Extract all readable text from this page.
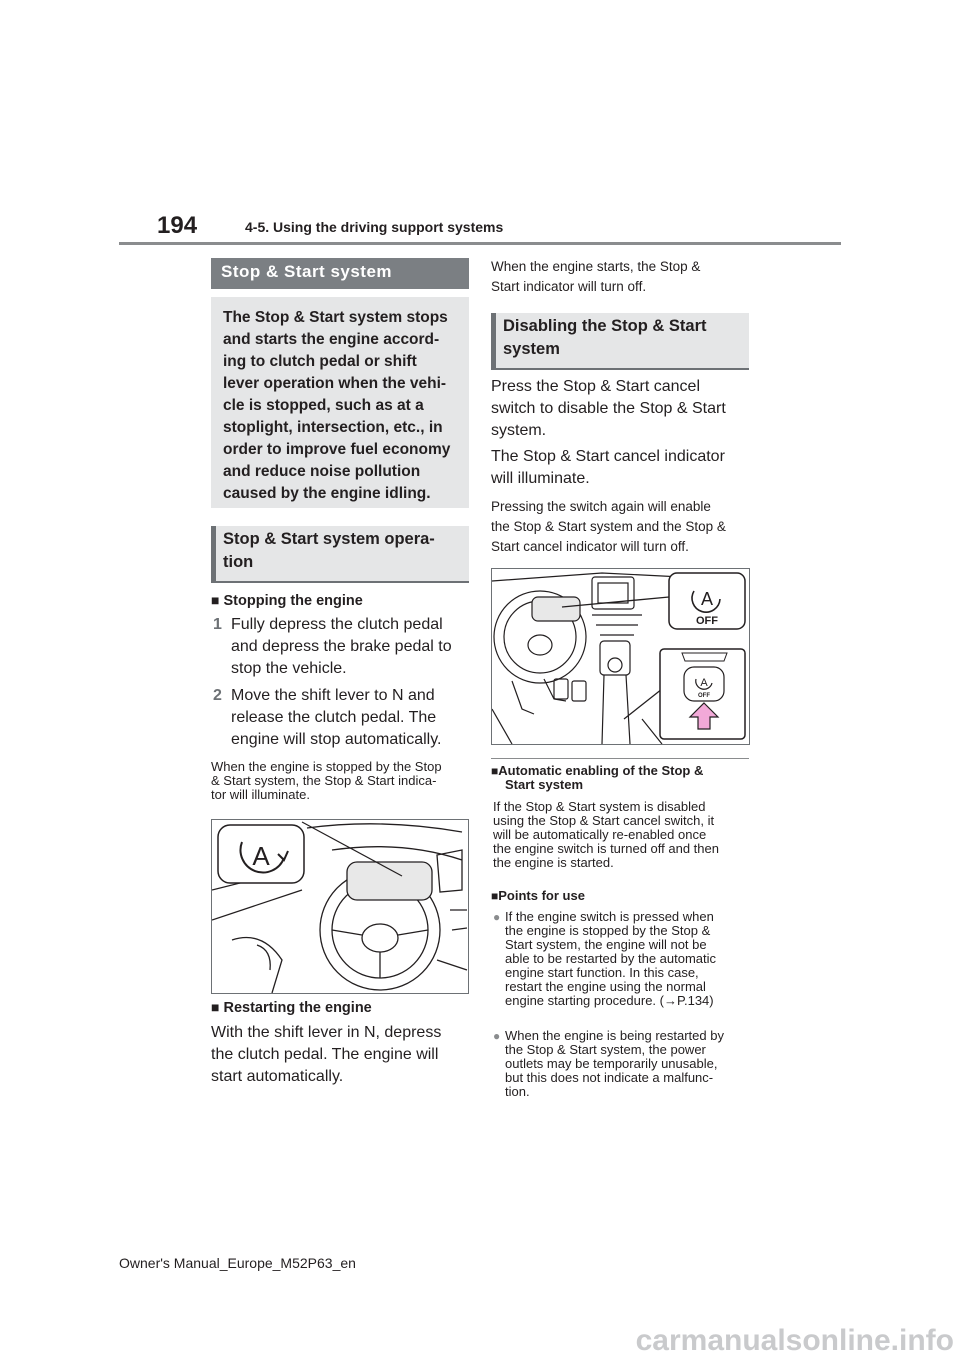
194	4-5. Using the driving support systems
Stop & Start system
The Stop & Start system stops
and starts the engine accord-
ing to clutch pedal or shift
lever operation when the vehi-
cle is stopped, such as at a
stoplight, intersection, etc., in
order to improve fuel economy
and reduce noise pollution
caused by the engine idling.
Stop & Start system opera-
tion
■ Stopping the engine
1 Fully depress the clutch pedal
and depress the brake pedal to
stop the vehicle.
2 Move the shift lever to N and
release the clutch pedal. The
engine will stop automatically.
When the engine is stopped by the Stop
& Start system, the Stop & Start indica-
tor will illuminate.
A
■ Restarting the engine
With the shift lever in N, depress
the clutch pedal. The engine will
start automatically.
When the engine starts, the Stop &
Start indicator will turn off.
Disabling the Stop & Start
system
Press the Stop & Start cancel
switch to disable the Stop & Start
system.
The Stop & Start cancel indicator
will illuminate.
Pressing the switch again will enable
the Stop & Start system and the Stop &
Start cancel indicator will turn off.
A
OFF
A
OFF
■Automatic enabling of the Stop &
Start system
If the Stop & Start system is disabled
using the Stop & Start cancel switch, it
will be automatically re-enabled once
the engine switch is turned off and then
the engine is started.
■Points for use
● If the engine switch is pressed when
the engine is stopped by the Stop &
Start system, the engine will not be
able to be restarted by the automatic
engine start function. In this case,
restart the engine using the normal
engine starting procedure. (→P.134)
● When the engine is being restarted by
the Stop & Start system, the power
outlets may be temporarily unusable,
but this does not indicate a malfunc-
tion.
Owner's Manual_Europe_M52P63_en
carmanualsonline.info
